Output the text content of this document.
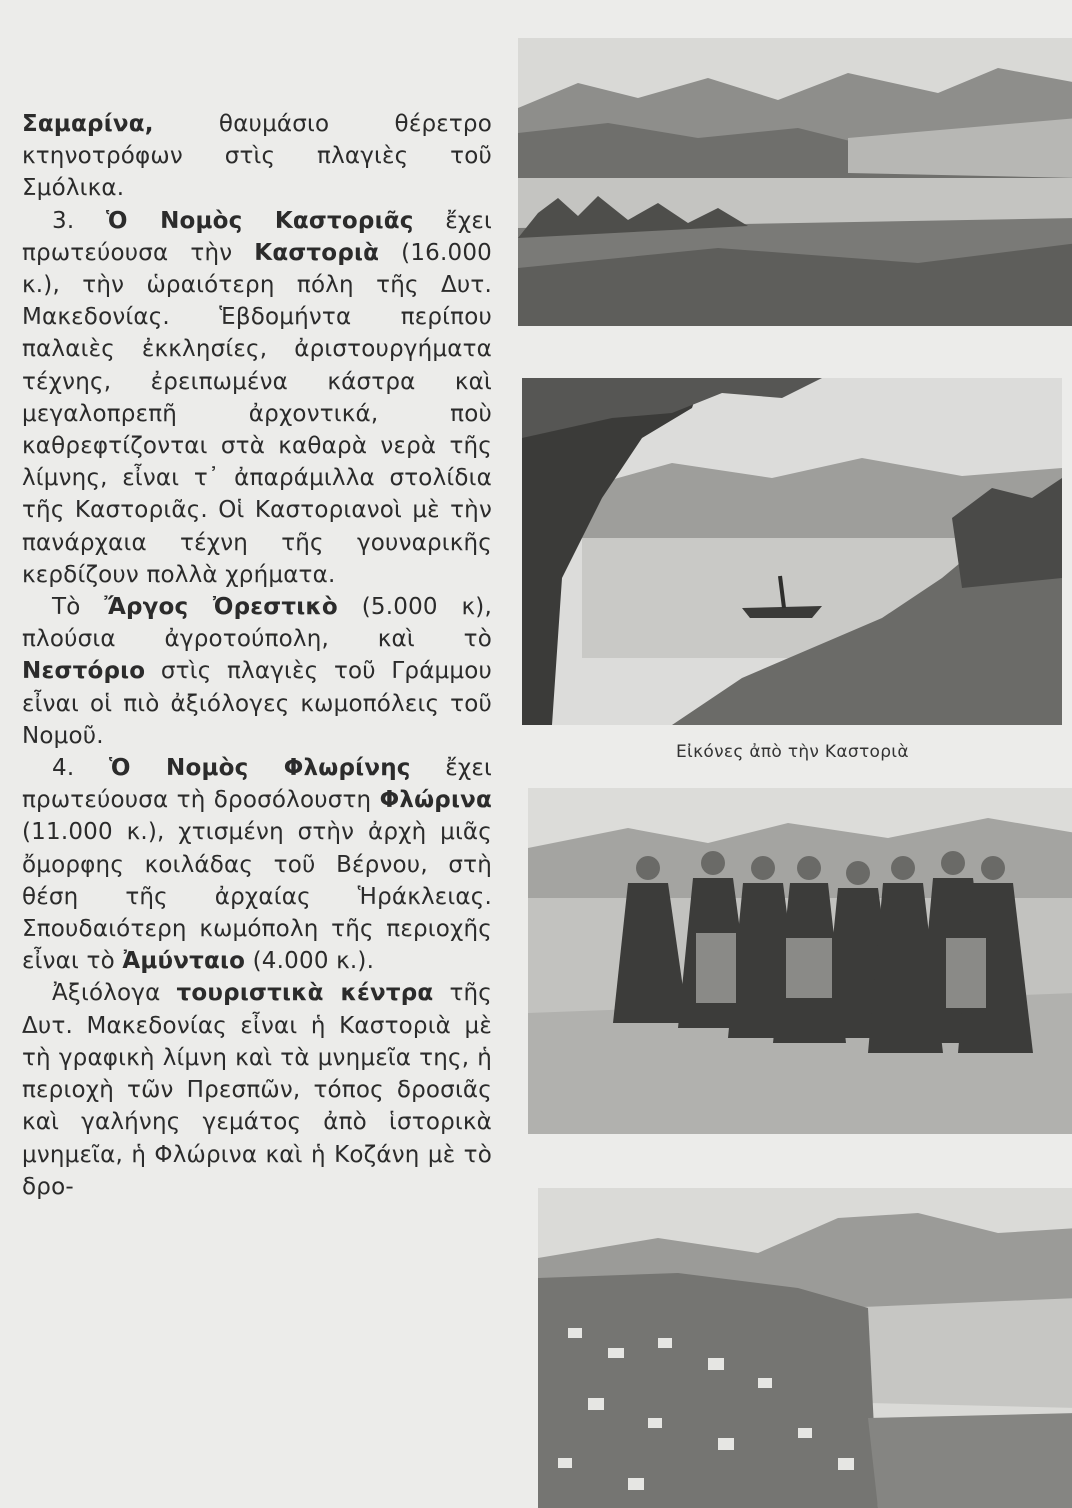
Σαμαρίνα, θαυμάσιο θέρετρο κτηνοτρόφων στὶς πλαγιὲς τοῦ Σμόλικα.

3. Ὁ Νομὸς Καστοριᾶς ἔχει πρωτεύουσα τὴν Καστοριὰ (16.000 κ.), τὴν ὡραιότερη πόλη τῆς Δυτ. Μακεδονίας. Ἑβδομήντα περίπου παλαιὲς ἐκκλησίες, ἀριστουργήματα τέχνης, ἐρειπωμένα κάστρα καὶ μεγαλοπρεπῆ ἀρχοντικά, ποὺ καθρεφτίζονται στὰ καθαρὰ νερὰ τῆς λίμνης, εἶναι τ᾽ ἀπαράμιλλα στολίδια τῆς Καστοριᾶς. Οἱ Καστοριανοὶ μὲ τὴν πανάρχαια τέχνη τῆς γουναρικῆς κερδίζουν πολλὰ χρήματα.

Τὸ Ἄργος Ὀρεστικὸ (5.000 κ), πλούσια ἀγροτούπολη, καὶ τὸ Νεστόριο στὶς πλαγιὲς τοῦ Γράμμου εἶναι οἱ πιὸ ἀξιόλογες κωμοπόλεις τοῦ Νομοῦ.

4. Ὁ Νομὸς Φλωρίνης ἔχει πρωτεύουσα τὴ δροσόλουστη Φλώρινα (11.000 κ.), χτισμένη στὴν ἀρχὴ μιᾶς ὄμορφης κοιλάδας τοῦ Βέρνου, στὴ θέση τῆς ἀρχαίας Ἡράκλειας. Σπουδαιότερη κωμόπολη τῆς περιοχῆς εἶναι τὸ Ἀμύνταιο (4.000 κ.).

Ἀξιόλογα τουριστικὰ κέντρα τῆς Δυτ. Μακεδονίας εἶναι ἡ Καστοριὰ μὲ τὴ γραφικὴ λίμνη καὶ τὰ μνημεῖα της, ἡ περιοχὴ τῶν Πρεσπῶν, τόπος δροσιᾶς καὶ γαλήνης γεμάτος ἀπὸ ἱστορικὰ μνημεῖα, ἡ Φλώρινα καὶ ἡ Κοζάνη μὲ τὸ δρο-

Εἰκόνες ἀπὸ τὴν Καστοριὰ
